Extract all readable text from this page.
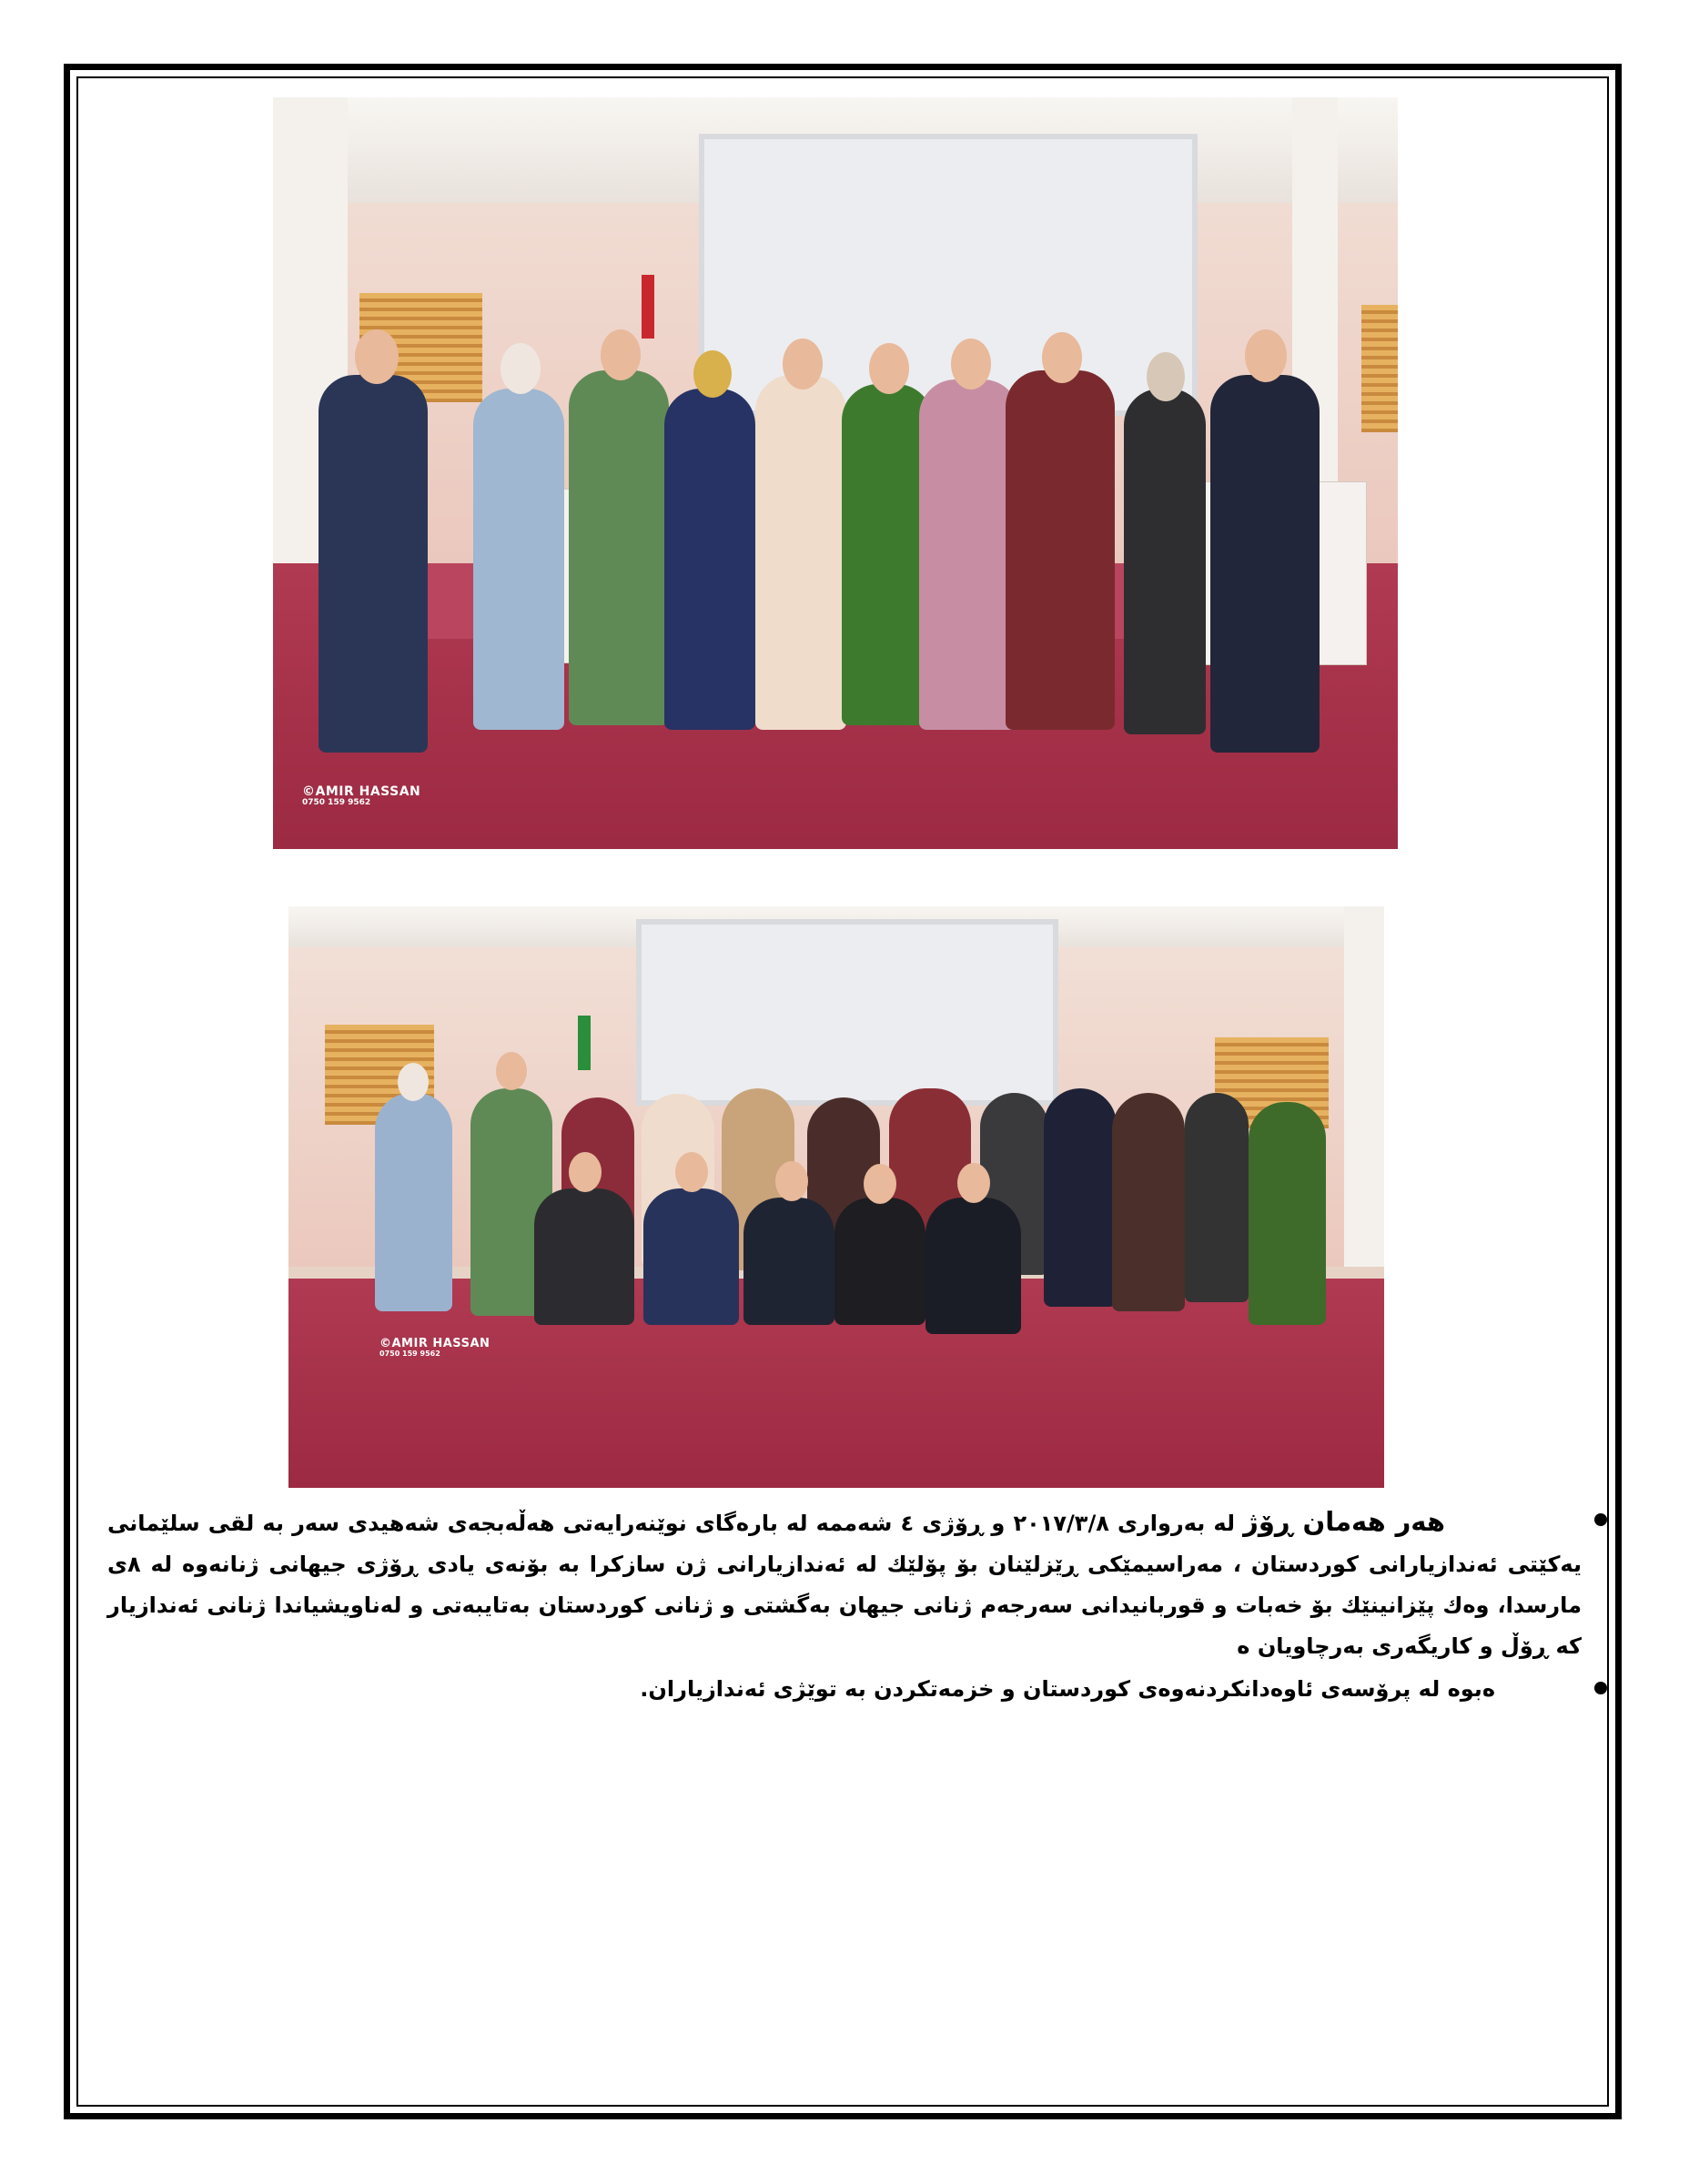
©AMIR HASSAN
0750 159 9562
©AMIR HASSAN
0750 159 9562
هەر هەمان ڕۆژ لە بەرواری ٢٠١٧/٣/٨ و ڕۆژی ٤ شەممە لە بارەگای نوێنەرایەتی هەڵەبجەی شەهیدی سەر بە لقی سلێمانی یەكێتی ئەندازیارانی كوردستان ، مەراسیمێكی ڕێزلێنان بۆ پۆلێك لە ئەندازیارانی ژن سازكرا بە بۆنەی یادی ڕۆژی جیهانی ژنانەوە لە ٨ی مارسدا، وەك پێزانینێك بۆ خەبات و قوربانیدانی سەرجەم ژنانی جیهان بەگشتی و ژنانی كوردستان بەتایبەتی و لەناویشیاندا ژنانی ئەندازیار كە ڕۆڵ و كاریگەری بەرچاویان ه
ەبوە لە پرۆسەی ئاوەدانكردنەوەی كوردستان و خزمەتكردن بە توێژی ئەندازیاران.
